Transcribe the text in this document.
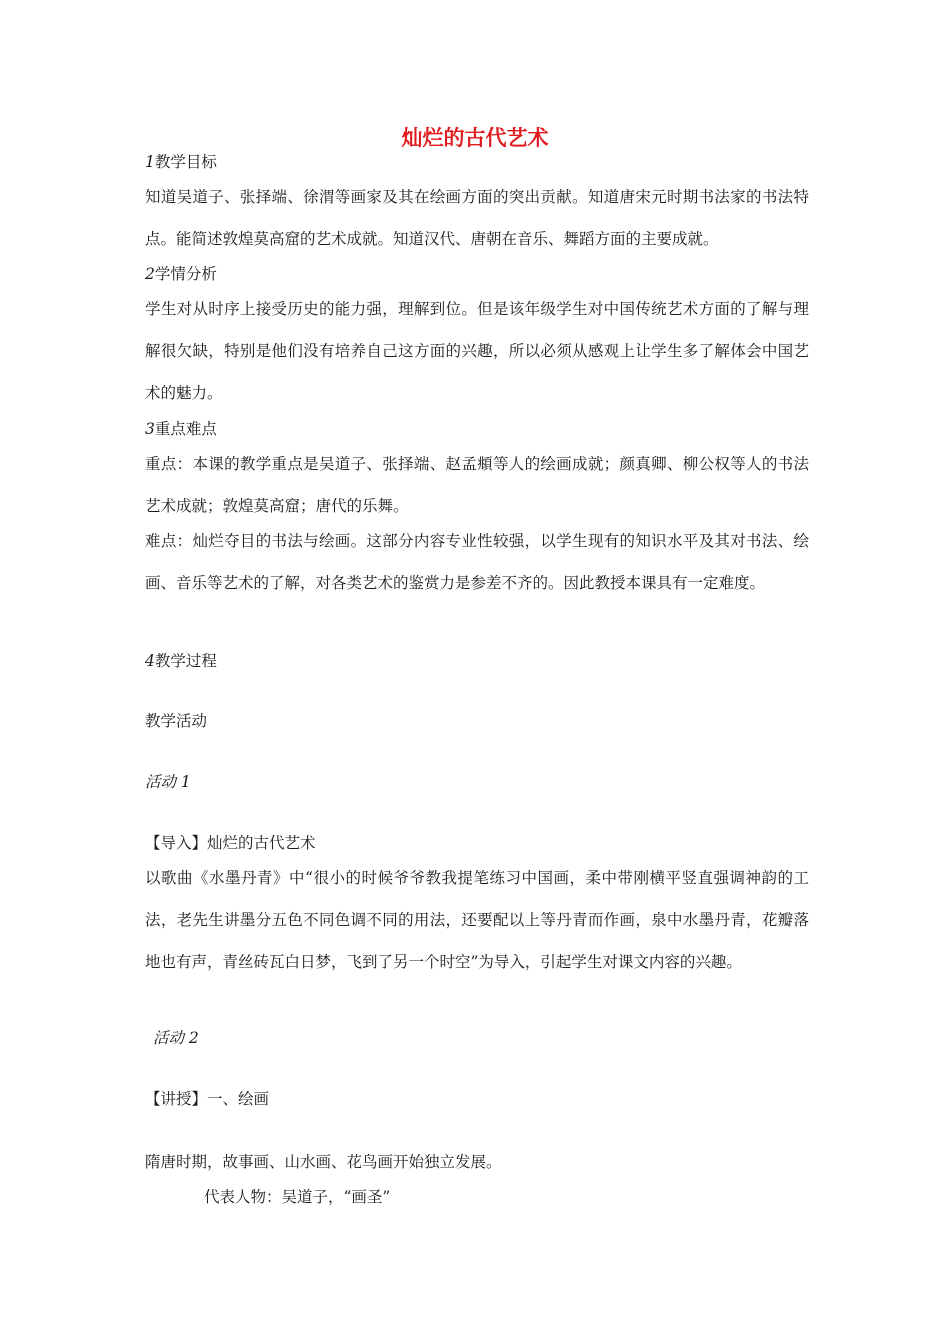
灿烂的古代艺术
1教学目标
知道吴道子、张择端、徐渭等画家及其在绘画方面的突出贡献。知道唐宋元时期书法家的书法特点。能简述敦煌莫高窟的艺术成就。知道汉代、唐朝在音乐、舞蹈方面的主要成就。
2学情分析
学生对从时序上接受历史的能力强，理解到位。但是该年级学生对中国传统艺术方面的了解与理解很欠缺，特别是他们没有培养自己这方面的兴趣，所以必须从感观上让学生多了解体会中国艺术的魅力。
3重点难点
重点：本课的教学重点是吴道子、张择端、赵孟頫等人的绘画成就；颜真卿、柳公权等人的书法艺术成就；敦煌莫高窟；唐代的乐舞。
难点：灿烂夺目的书法与绘画。这部分内容专业性较强，以学生现有的知识水平及其对书法、绘画、音乐等艺术的了解，对各类艺术的鉴赏力是参差不齐的。因此教授本课具有一定难度。
4教学过程
教学活动
活动 1
【导入】灿烂的古代艺术
以歌曲《水墨丹青》中“很小的时候爷爷教我提笔练习中国画，柔中带刚横平竖直强调神韵的工法，老先生讲墨分五色不同色调不同的用法，还要配以上等丹青而作画，泉中水墨丹青，花瓣落地也有声，青丝砖瓦白日梦，飞到了另一个时空”为导入，引起学生对课文内容的兴趣。
活动 2
【讲授】一、绘画
隋唐时期，故事画、山水画、花鸟画开始独立发展。
代表人物：吴道子，“画圣”
